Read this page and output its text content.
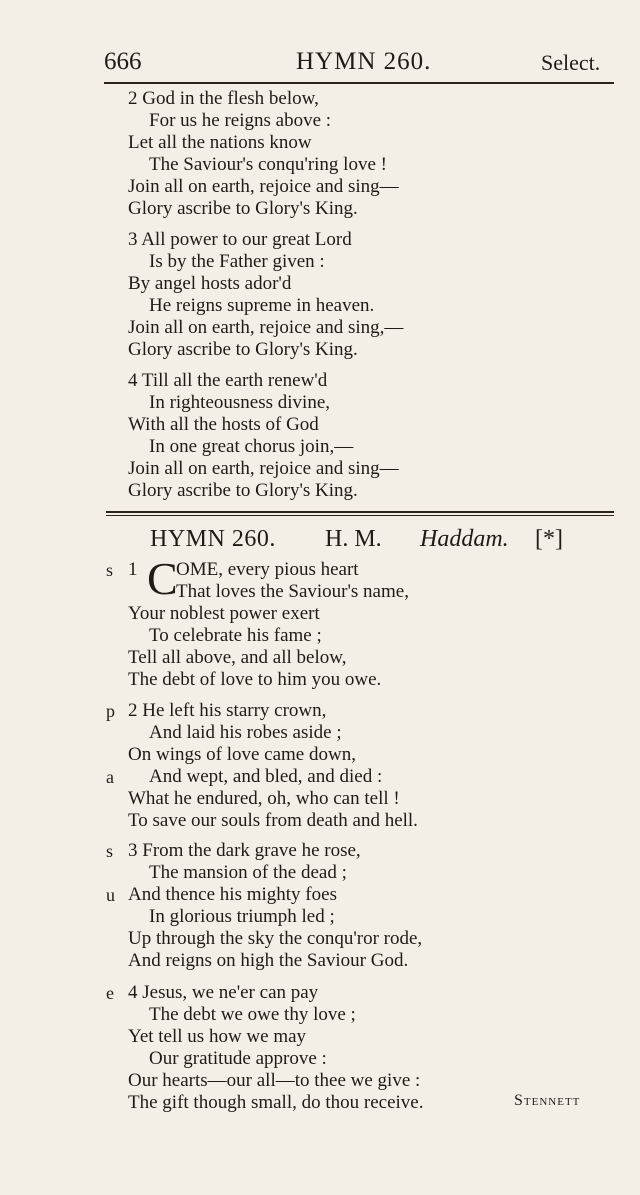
666	HYMN 260.	Select.
2 God in the flesh below,
For us he reigns above :
Let all the nations know
The Saviour's conqu'ring love !
Join all on earth, rejoice and sing—
Glory ascribe to Glory's King.
3 All power to our great Lord
Is by the Father given :
By angel hosts ador'd
He reigns supreme in heaven.
Join all on earth, rejoice and sing,—
Glory ascribe to Glory's King.
4 Till all the earth renew'd
In righteousness divine,
With all the hosts of God
In one great chorus join,—
Join all on earth, rejoice and sing—
Glory ascribe to Glory's King.
HYMN 260. H. M. Haddam. [*]
C
s 1 OME, every pious heart
That loves the Saviour's name,
Your noblest power exert
To celebrate his fame ;
Tell all above, and all below,
The debt of love to him you owe.
p 2 He left his starry crown,
And laid his robes aside ;
On wings of love came down,
a And wept, and bled, and died :
What he endured, oh, who can tell !
To save our souls from death and hell.
s 3 From the dark grave he rose,
The mansion of the dead ;
u And thence his mighty foes
In glorious triumph led ;
Up through the sky the conqu'ror rode,
And reigns on high the Saviour God.
e 4 Jesus, we ne'er can pay
The debt we owe thy love ;
Yet tell us how we may
Our gratitude approve :
Our hearts—our all—to thee we give :
The gift though small, do thou receive.	Stennett
